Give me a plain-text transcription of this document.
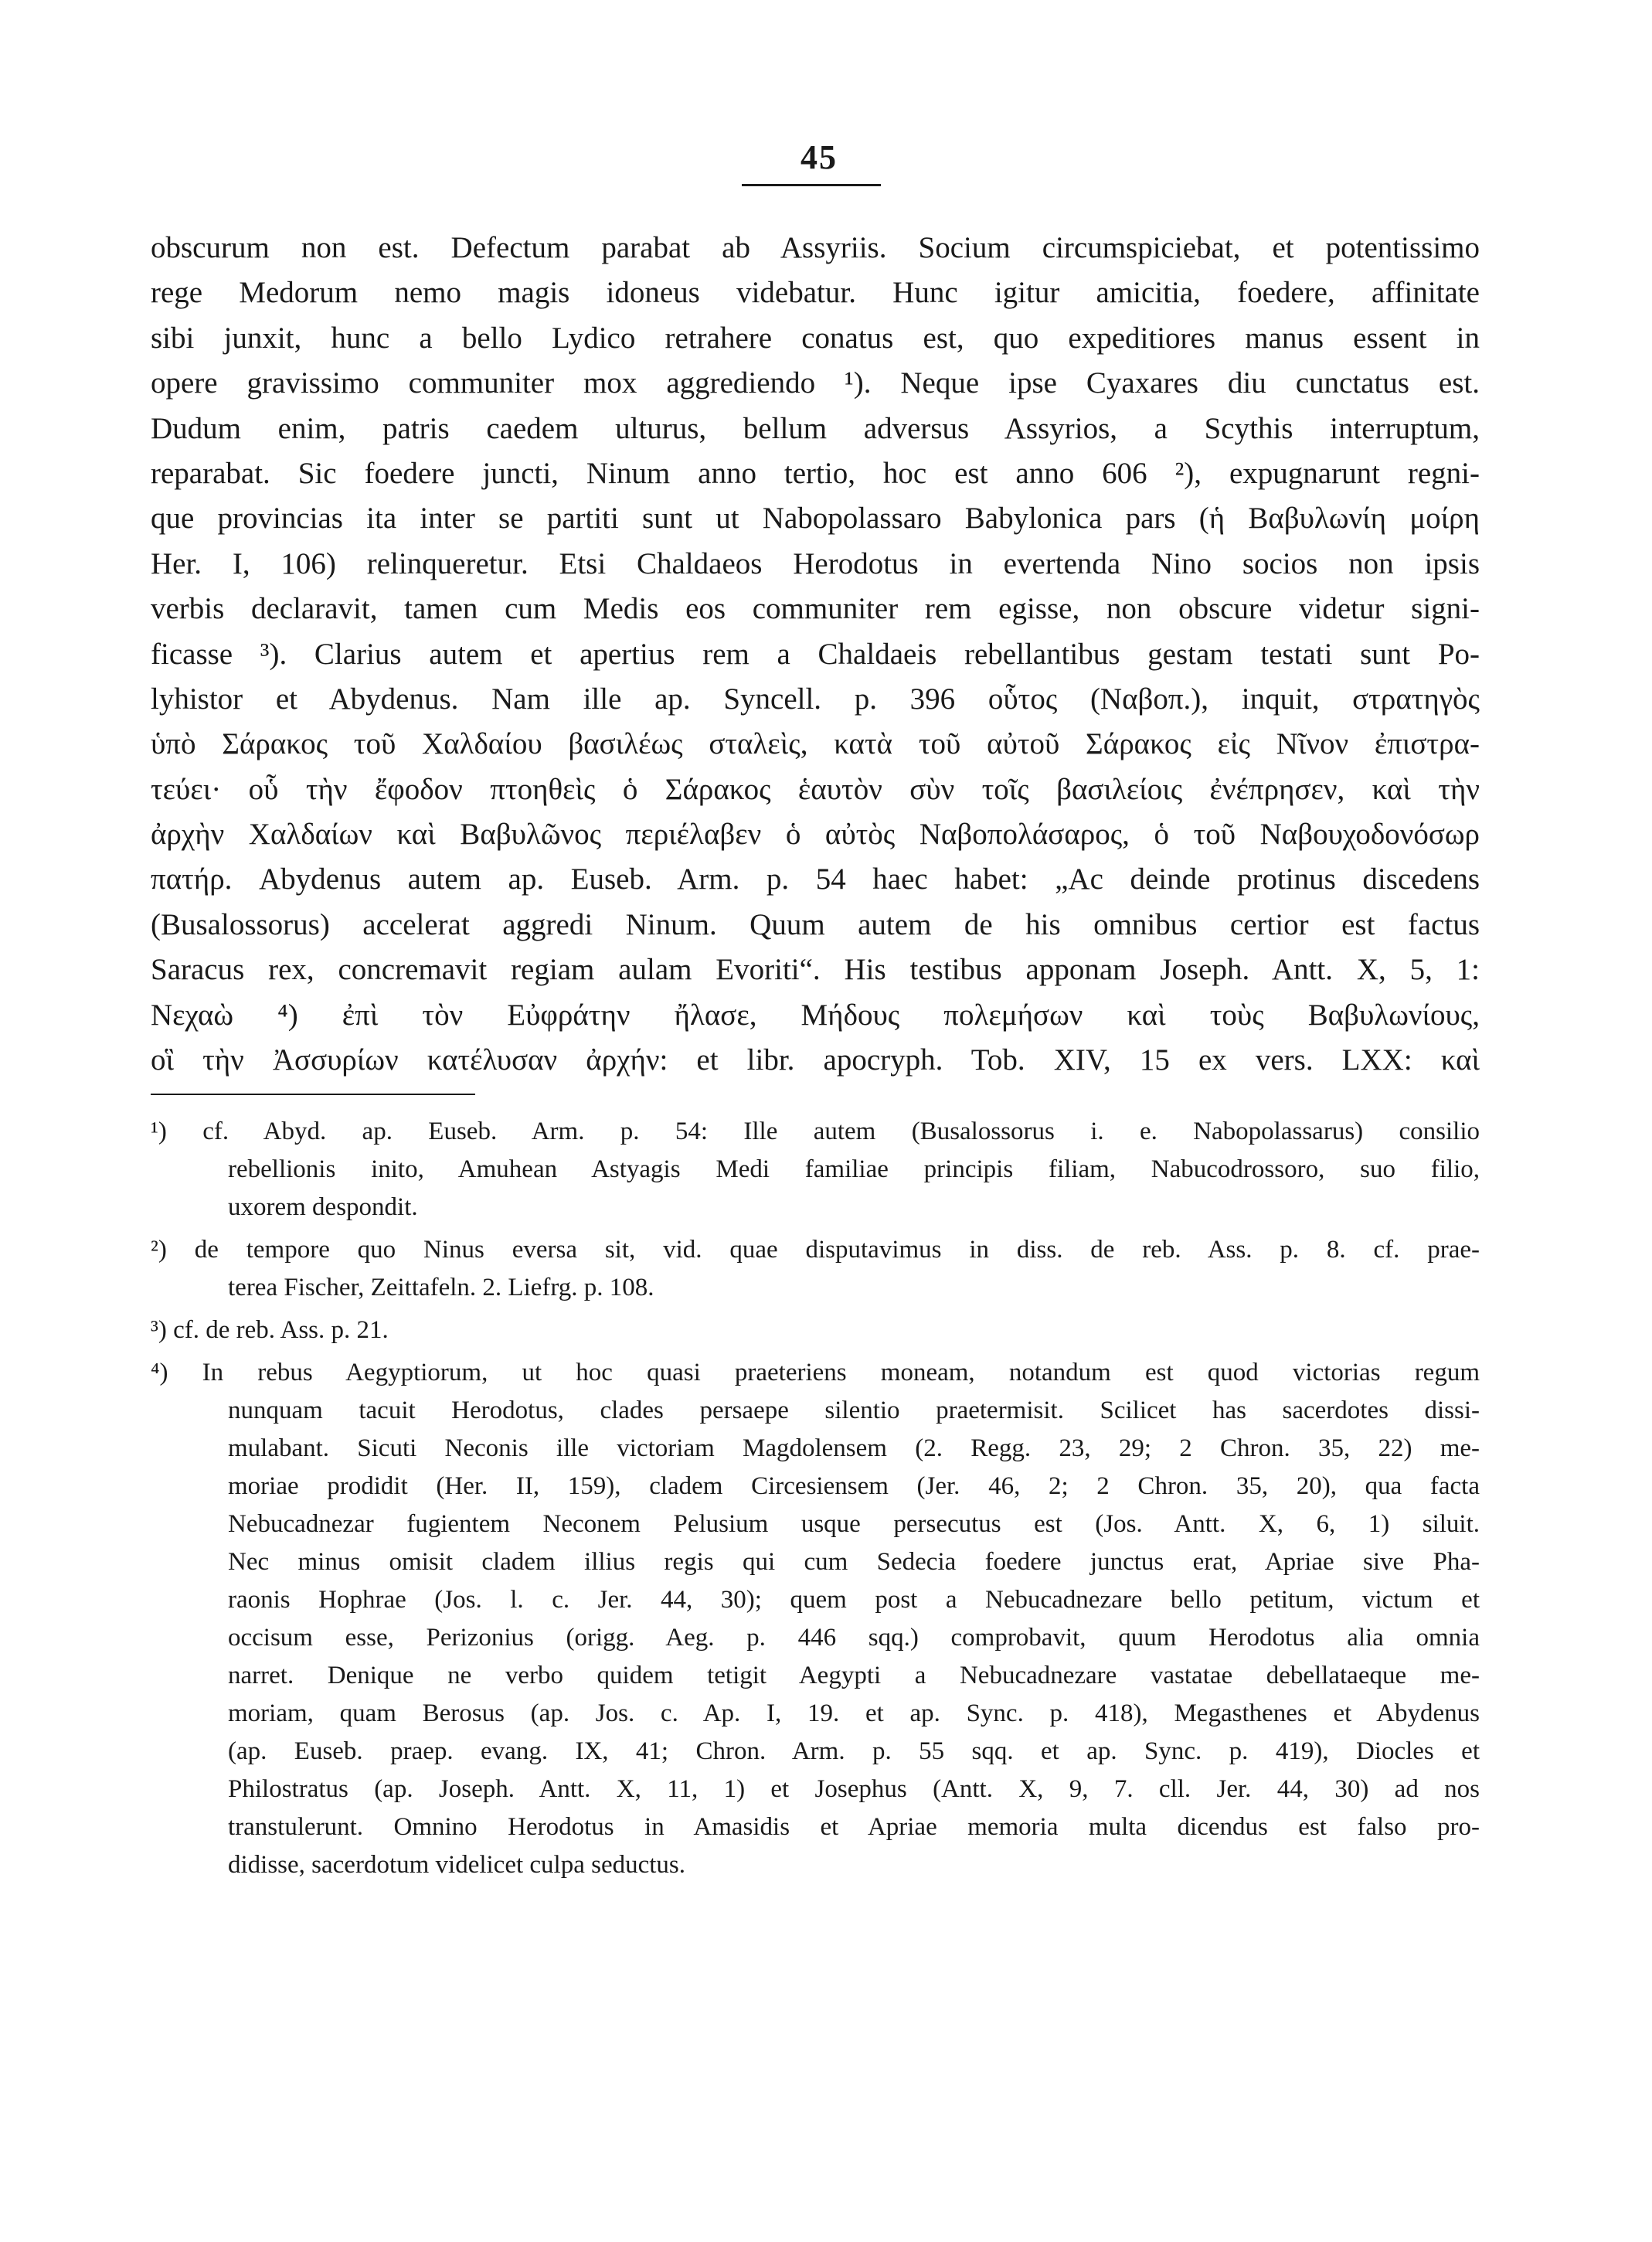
45
obscurum non est. Defectum parabat ab Assyriis. Socium circumspiciebat, et potentissimo
rege Medorum nemo magis idoneus videbatur. Hunc igitur amicitia, foedere, affinitate
sibi junxit, hunc a bello Lydico retrahere conatus est, quo expeditiores manus essent in
opere gravissimo communiter mox aggrediendo ¹). Neque ipse Cyaxares diu cunctatus est.
Dudum enim, patris caedem ulturus, bellum adversus Assyrios, a Scythis interruptum,
reparabat. Sic foedere juncti, Ninum anno tertio, hoc est anno 606 ²), expugnarunt regni-
que provincias ita inter se partiti sunt ut Nabopolassaro Babylonica pars (ἡ Βαβυλωνίη μοίρη
Her. I, 106) relinqueretur. Etsi Chaldaeos Herodotus in evertenda Nino socios non ipsis
verbis declaravit, tamen cum Medis eos communiter rem egisse, non obscure videtur signi-
ficasse ³). Clarius autem et apertius rem a Chaldaeis rebellantibus gestam testati sunt Po-
lyhistor et Abydenus. Nam ille ap. Syncell. p. 396 οὗτος (Ναβοπ.), inquit, στρατηγὸς
ὑπὸ Σάρακος τοῦ Χαλδαίου βασιλέως σταλεὶς, κατὰ τοῦ αὐτοῦ Σάρακος εἰς Νῖνον ἐπιστρα-
τεύει· οὗ τὴν ἔφοδον πτοηθεὶς ὁ Σάρακος ἑαυτὸν σὺν τοῖς βασιλείοις ἐνέπρησεν, καὶ τὴν
ἀρχὴν Χαλδαίων καὶ Βαβυλῶνος περιέλαβεν ὁ αὐτὸς Ναβοπολάσαρος, ὁ τοῦ Ναβουχοδονόσωρ
πατήρ. Abydenus autem ap. Euseb. Arm. p. 54 haec habet: „Ac deinde protinus discedens
(Busalossorus) accelerat aggredi Ninum. Quum autem de his omnibus certior est factus
Saracus rex, concremavit regiam aulam Evoriti“. His testibus apponam Joseph. Antt. X, 5, 1:
Νεχαὼ ⁴) ἐπὶ τὸν Εὐφράτην ἤλασε, Μήδους πολεμήσων καὶ τοὺς Βαβυλωνίους,
οἳ τὴν Ἀσσυρίων κατέλυσαν ἀρχήν: et libr. apocryph. Tob. XIV, 15 ex vers. LXX: καὶ
¹) cf. Abyd. ap. Euseb. Arm. p. 54: Ille autem (Busalossorus i. e. Nabopolassarus) consilio
rebellionis inito, Amuhean Astyagis Medi familiae principis filiam, Nabucodrossoro, suo filio,
uxorem despondit.
²) de tempore quo Ninus eversa sit, vid. quae disputavimus in diss. de reb. Ass. p. 8. cf. prae-
terea Fischer, Zeittafeln. 2. Liefrg. p. 108.
³) cf. de reb. Ass. p. 21.
⁴) In rebus Aegyptiorum, ut hoc quasi praeteriens moneam, notandum est quod victorias regum
nunquam tacuit Herodotus, clades persaepe silentio praetermisit. Scilicet has sacerdotes dissi-
mulabant. Sicuti Neconis ille victoriam Magdolensem (2. Regg. 23, 29; 2 Chron. 35, 22) me-
moriae prodidit (Her. II, 159), cladem Circesiensem (Jer. 46, 2; 2 Chron. 35, 20), qua facta
Nebucadnezar fugientem Neconem Pelusium usque persecutus est (Jos. Antt. X, 6, 1) siluit.
Nec minus omisit cladem illius regis qui cum Sedecia foedere junctus erat, Apriae sive Pha-
raonis Hophrae (Jos. l. c. Jer. 44, 30); quem post a Nebucadnezare bello petitum, victum et
occisum esse, Perizonius (origg. Aeg. p. 446 sqq.) comprobavit, quum Herodotus alia omnia
narret. Denique ne verbo quidem tetigit Aegypti a Nebucadnezare vastatae debellataeque me-
moriam, quam Berosus (ap. Jos. c. Ap. I, 19. et ap. Sync. p. 418), Megasthenes et Abydenus
(ap. Euseb. praep. evang. IX, 41; Chron. Arm. p. 55 sqq. et ap. Sync. p. 419), Diocles et
Philostratus (ap. Joseph. Antt. X, 11, 1) et Josephus (Antt. X, 9, 7. cll. Jer. 44, 30) ad nos
transtulerunt. Omnino Herodotus in Amasidis et Apriae memoria multa dicendus est falso pro-
didisse, sacerdotum videlicet culpa seductus.
